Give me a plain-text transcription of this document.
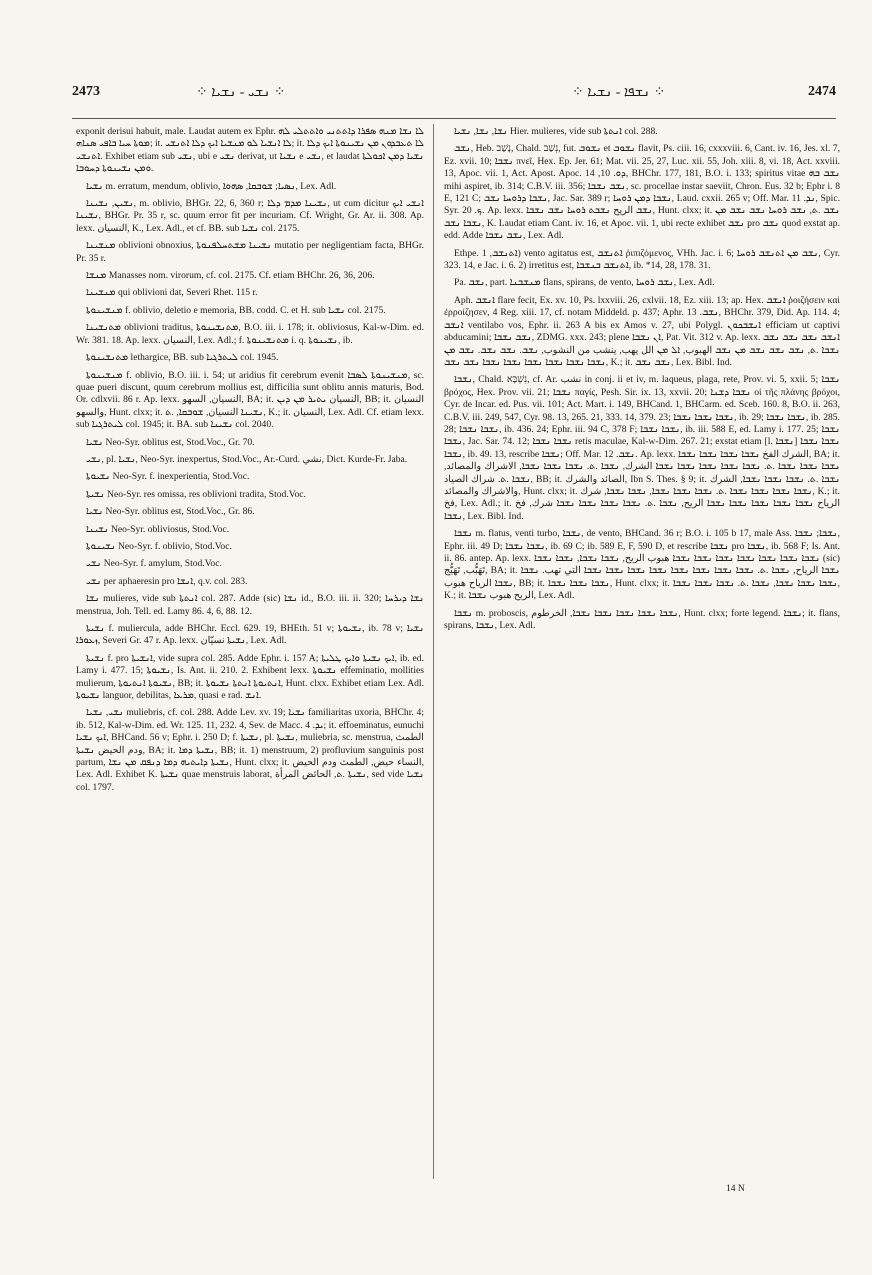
2473	⁘ ܢܫܝ - ܢܫܝܐ ⁘	⁘ ܢܫܦܐ - ܢܫܝܐ ⁘	2474

exponit derisui habuit, male. Laudat autem ex Ephr. ܠܐ ܢܫܐ ܡܢܗ ܣܦܪܐ ܕܐܬܬܢܝ ܘܐܬܬܠܝ ܠܗ ܡܘܬܐ ܚܝܐ ܒܐܦܝ ܣܢܐܗ; it. ܠܐ ܐܢܫܝܐ ܠܘ ܡܢܫܝܐ ܐܝܟ ܕܠܐ ܐܬܢܫܝ; it. ܠܐ ܬܥܒܕܘܢ ܡܢ ܢܫܝܢܘܬܐ ܐܝܟ ܕܠܐ ܐܬܢܫܝ. Exhibet etiam sub ܢܫܝ, ubi e ܢܫܝ derivat, ut ܢܫܝܐ e ܢܫܝ, et laudat ܢܫܝܐ ܕܡܢ ܐܟܘܠܬܐ ܘܡܢ ܢܫܝܢܘܬܐ ܕܚܘܒܐ.

ܢܫܝܐ m. erratum, mendum, oblivio, ܢܣܝܐ; ܫܘܒܩܐ, ܣܗܘܐ, Lex. Adl.

ܢܫܝܢ, ܢܫܝܢܐ, m. oblivio, BHGr. 22, 6, 360 r; ܢܫܝܢܐ ܡܕܡ ܕܠܐ, ut cum dicitur ܐܢܫܝ ܐܝܟ ܢܫܝܢܐ, BHGr. Pr. 35 r, sc. quum error fit per incuriam. Cf. Wright, Gr. Ar. ii. 308. Ap. lexx. النسيان, K., Lex. Adl., et cf. BB. sub ܢܫܝܐ col. 2175.

ܡܢܫܝܢܐ oblivioni obnoxius, ܢܫܝܢܐ ܡܫܬܚܠܦܢܘܬܐ mutatio per negligentiam facta, BHGr. Pr. 35 r.

ܡܢܫܐ Manasses nom. virorum, cf. col. 2175. Cf. etiam BHChr. 26, 36, 206.

ܡܢܫܝܢܐ qui oblivioni dat, Severi Rhet. 115 r.

ܡܢܫܝܢܘܬܐ f. oblivio, deletio e memoria, BB. codd. C. et H. sub ܢܫܝܐ col. 2175.

ܡܬܢܫܝܢܐ oblivioni traditus, ܡܬܢܫܝܢܘܬܐ, B.O. iii. i. 178; it. obliviosus, Kal-w-Dim. ed. Wr. 381. 18. Ap. lexx. النسيان, Lex. Adl.; f. ܡܬܢܫܝܢܘܬܐ i. q. ܢܫܝܢܘܬܐ, ib.

ܡܬܢܫܝܢܘܬܐ lethargice, BB. sub ܠܝܬܪܓܝܐ col. 1945.

ܡܢܫܝܢܘܬܐ f. oblivio, B.O. iii. i. 54; ut aridius fit cerebrum evenit ܡܢܫܝܢܘܬܐ ܠܣܒܐ, sc. quae pueri discunt, quum cerebrum mollius est, difficilia sunt oblitu annis maturis, Bod. Or. cdlxvii. 86 r. Ap. lexx. النسيان, السهو, BA; it. النسيان ܝܬܝܪ ܡܢ ܕܝܢ, BB; it. النسيان والسهو, Hunt. clxx; it. ܢܫܝܢܐ النسيان, ܫܘܒܩܐ, .ܬ, K.; it. النسيان, Lex. Adl. Cf. etiam lexx. sub ܠܝܬܪܓܝܐ col. 1945; it. BA. sub ܢܫܝܢܐ col. 2040.

ܢܫܝܐ Neo-Syr. oblitus est, Stod.Voc., Gr. 70.

ܢܫܝ, pl. ܢܫܝܐ, Neo-Syr. inexpertus, Stod.Voc., Ar.-Curd. نشي, Dict. Kurde-Fr. Jaba.

ܢܫܝܘܬܐ Neo-Syr. f. inexperientia, Stod.Voc.

ܢܫܝܬܐ Neo-Syr. res omissa, res oblivioni tradita, Stod.Voc.

ܢܫܝܐ Neo-Syr. oblitus est, Stod.Voc., Gr. 86.

ܢܫܝܢܐ Neo-Syr. obliviosus, Stod.Voc.

ܢܫܝܢܘܬܐ Neo-Syr. f. oblivio, Stod.Voc.

ܢܫܝ Neo-Syr. f. amylum, Stod.Voc.

ܢܫܝ per aphaeresin pro ܐܢܫܐ, q.v. col. 283.

ܢܫܐ mulieres, vide sub ܐܢܬܬܐ col. 287. Adde (sic) ܢܫܐ id., B.O. iii. ii. 320; ܢܫܐ ܕܝܪܚܐ menstrua, Joh. Tell. ed. Lamy 86. 4, 6, 88. 12.

ܢܫܝܬܐ f. muliercula, adde BHChr. Eccl. 629. 19, BHEth. 51 v; ܢܫܝܘܬܐ, ib. 78 v; ܢܫܝܐ ܙܥܘܪܐ, Severi Gr. 47 r. Ap. lexx. ܢܫܝܬܐ نسيّان, Lex. Adl.

ܢܫܝܬܐ f. pro ܐܢܫܝܬܐ, vide supra col. 285. Adde Ephr. i. 157 A; ܐܝܟ ܢܫܝܬܐ ܘܐܝܟ ܛܠܝܬܐ, ib. ed. Lamy i. 477. 15; ܢܫܝܘܬܐ, Is. Ant. ii. 210. 2. Exhibent lexx. ܢܫܝܘܬܐ effeminatio, mollities mulierum, ܢܫܝܘܬܐ ܐܢܬܝܘܬܐ, BB; it. ܐܢܬܝܘܬܐ ܐܢܬܬܐ ܢܫܝܘܬܐ, Hunt. clxx. Exhibet etiam Lex. Adl. ܢܫܝܘܬܐ languor, debilitas, ܡܪܥܐ, quasi e rad. ܐܢܫ.

ܢܫܝ, ܢܫܝܐ muliebris, cf. col. 288. Adde Lev. xv. 19; ܢܫܝܐ familiaritas uxoria, BHChr. 4; ib. 512, Kal-w-Dim. ed. Wr. 125. 11, 232. 4, Sev. de Macc. ܝܕ. 4; it. effoeminatus, eunuchi ܐܝܟ ܢܫܝܐ, BHCand. 56 v; Ephr. i. 250 D; f. ܢܫܝܬܐ, pl. ܢܫܝܬܐ, muliebria, sc. menstrua, الطمث ودم الحيض ܢܫܝܬܐ, BA; it. ܢܫܝܬܐ ܕܡܐ, BB; it. 1) menstruum, 2) profluvium sanguinis post partum, ܢܫܝܬܐ ܕܐܝܬܝܗ ܕܡܐ ܕܢܦܩ ܡܢ ܢܫܐ, Hunt. clxx; it. النساء حيض, الطمث ودم الحيض, Lex. Adl. Exhibet K. ܢܫܝܬܐ quae menstruis laborat, ܢܫܝܬܐ .ܬ, الحائض المرأة, sed vide ܢܫܝܐ col. 1797.

ܢܫܐ, ܢܫܐ, ܢܫܝܐ Hier. mulieres, vide sub ܐܢܬܬܐ col. 288.

ܢܫܒ, Heb. נָשַׁב, Chald. נְשַׁב, fut. ܢܫܘܒ et ܢܫܘܒ flavit, Ps. ciii. 16, cxxxviii. 6, Cant. iv. 16, Jes. xl. 7, Ez. xvii. 10; ܢܫܒܐ πνεῖ, Hex. Ep. Jer. 61; Mat. vii. 25, 27, Luc. xii. 55, Joh. xiii. 8, vi. 18, Act. xxviii. 13, Apoc. vii. 1, Act. Apost. Apoc. ܕܘ. 10, 14, BHChr. 177, 181, B.O. i. 133; spiritus vitae ܢܫܒ ܒܗ mihi aspiret, ib. 314; C.B.V. iii. 356; ܢܫܒ ܢܫܒܐ, sc. procellae instar saeviit, Chron. Eus. 32 b; Ephr i. 8 E, 121 C; ܢܫܒܐ ܕܪܘܚܐ ܢܫܒ, Jac. Sar. 389 r; ܢܫܒܐ ܕܡܢ ܪܘܚܐ, Laud. cxxii. 265 v; Off. Mar. ܢܕ. 11, Spic. Syr. ܟ. 20. Ap. lexx. ܢܫܒ الريح ܢܫܒܬ ܪܘܚܐ ܢܫܒ ܢܫܒܐ, Hunt. clxx; it. ܢܫܒ .ܬ, ܢܫܒ ܪܘܚܐ ܢܫܒ ܢܫܒ ܡܢ ܢܫܒܐ ܢܫܒ, K. Laudat etiam Cant. iv. 16, et Apoc. vii. 1, ubi recte exhibet ܢܫܒ pro ܢܫܒ quod exstat ap. edd. Adde ܢܫܒ ܢܫܒܐ, Lex. Adl.

Ethpe. ܐܬܢܫܒ, 1) vento agitatus est, ܐܬܢܫܒ ῥιπιζόμενος, VHh. Jac. i. 6; ܢܫܒ ܡܢ ܐܬܢܫܒ ܪܘܚܐ, Cyr. 323. 14, e Jac. i. 6. 2) irretitus est, ܐܬܢܫܒ ܒܢܫܒܐ, ib. *14, 28, 178. 31.

Pa. ܢܫܒ, part. ܡܢܫܒܢܐ flans, spirans, de vento, ܢܫܒ ܪܘܚܐ, Lex. Adl.

Aph. ܐܢܫܒ flare fecit, Ex. xv. 10, Ps. lxxviii. 26, cxlvii. 18, Ez. xiii. 13; ap. Hex. ܐܢܫܒ ῥοιζήσειν καὶ ἐρροίζησεν, 4 Reg. xiii. 17, cf. notam Middeld. p. 437; Aphr. ܢܫܒ. 13, BHChr. 379, Did. Ap. 114. 4; ܐܢܫܒ ventilabo vos, Ephr. ii. 263 A bis ex Amos v. 27, ubi Polygl. ܐܢܫܒܟܘܢ efficiam ut captivi abducamini; ܢܫܒ ܢܫܒܐ, ZDMG. xxx. 243; plene ܐܢ ܢܫܒܐ, Pat. Vit. 312 v. Ap. lexx. ܐܢܫܒ ܢܫܒ ܢܫܒ ܢܫܒ ܢܫܒܐ .ܬ, ܢܫܒ ܢܫܒ ܢܫܒ ܡܢ ܢܫܒ الهبوب, ܐܠ ܡܢ الل يهب, ينشب من النشوب, ܢܫܒ. ܢܫܒ ܢܫܒ. ܢܫܒ ܡܢ ܢܫܒܐ ܢܫܒܐ ܢܫܒܐ ܢܫܒܐ ܢܫܒܐ ܢܫܒܐ ܢܫܒ ܢܫܒ, K.; it. ܢܫܒ ܢܫܒ, Lex. Bibl. Ind.

ܢܫܒܐ, Chald. נִשְׁבָּא, cf. Ar. نشب in conj. ii et iv, m. laqueus, plaga, rete, Prov. vi. 5, xxii. 5; ܢܫܒܐ βρόχος, Hex. Prov. vii. 21; ܢܫܒܐ παγίς, Pesh. Sir. ix. 13, xxvii. 20; ܢܫܒܐ ܕܫܢܐ οἱ τῆς πλάνης βρόχοι, Cyr. de Incar. ed. Pus. vii. 101; Act. Mart. i. 149, BHCand. 1, BHCarm. ed. Sceb. 160. 8, B.O. ii. 263, C.B.V. iii. 249, 547, Cyr. 98. 13, 265. 21, 333. 14, 379. 23; ܢܫܒܐ ܢܫܒܐ ܢܫܒܐ, ib. 29; ܢܫܒܐ ܢܫܒܐ, ib. 285. 28; ܢܫܒܐ ܢܫܒܐ, ib. 436. 24; Ephr. iii. 94 C, 378 F; ܢܫܒܐ ܢܫܒܐ, ib. iii. 588 E, ed. Lamy i. 177. 25; ܢܫܒܐ ܢܫܒܐ, Jac. Sar. 74. 12; ܢܫܒܐ ܢܫܒܐ retis maculae, Kal-w-Dim. 267. 21; exstat etiam [l. ܢܫܒܐ] ܢܫܒܐ ܢܫܒܐ ܢܫܒܐ, ib. 49. 13, rescribe ܢܫܒܐ; Off. Mar. ܢܫܒ. 12. Ap. lexx. الشرك الفخ ܢܫܒܐ ܢܫܒܐ ܢܫܒܐ ܢܫܒܐ, BA; it. ܢܫܒܐ ܢܫܒܐ ܢܫܒܐ .ܬ. ܢܫܒܐ ܢܫܒܐ ܢܫܒܐ ܢܫܒܐ ܢܫܒܐ الشرك, ܢܫܒܐ .ܬ. ܢܫܒܐ ܢܫܒܐ ܢܫܒܐ, الاشراك والمصائد, ܢܫܒܐ .ܬ. شراك الصياد, BB; it. الصائد والشرك, Ibn S. Thes. § 9; it. ܢܫܒܐ .ܬ. ܢܫܒܐ ܢܫܒܐ ܢܫܒܐ, الشرك والاشراك والمصائد, Hunt. clxx; it. ܢܫܒܐ ܢܫܒܐ ܢܫܒܐ ܢܫܒܐ .ܬ. ܢܫܒܐ ܢܫܒܐ ܢܫܒܐ, ܢܫܒܐ ܢܫܒܐ, شرك, K.; it. فخ, Lex. Adl.; it. الرياح ܢܫܒܐ ܢܫܒܐ ܢܫܒܐ ܢܫܒܐ ܢܫܒܐ الريح, ܢܫܒܐ .ܬ. ܢܫܒܐ ܢܫܒܐ ܢܫܒܐ ܢܫܒܐ شرك, فخ ܢܫܒܐ, Lex. Bibl. Ind.

ܢܫܒܐ m. flatus, venti turbo, ܢܫܒܐ, de vento, BHCand. 36 r; B.O. i. 105 b 17, male Ass. ܢܫܒܐ; ܢܫܒܐ, Ephr. iii. 49 D; ܢܫܒܐ ܢܫܒܐ, ib. 69 C; ib. 589 E, F, 590 D, et rescribe ܢܫܒܐ pro ܢܫܒܐ, ib. 568 F; Is. Ant. ii. 86. antep. Ap. lexx. ܢܫܒܐ ܢܫܒܐ ܢܫܒܐ ܢܫܒܐ ܢܫܒܐ ܢܫܒܐ ܢܫܒܐ هبوب الريح, ܢܫܒܐ ܢܫܒܐ, ܢܫܒܐ ܢܫܒܐ (sic) تَهَبُّب, تَهَيُّج, BA; it. ܢܫܒܐ الرياح, ܢܫܒܐ .ܬ. ܢܫܒܐ ܢܫܒܐ ܢܫܒܐ ܢܫܒܐ ܢܫܒܐ ܢܫܒܐ ܢܫܒܐ ܢܫܒܐ التي تهب. ܢܫܒܐ ܢܫܒܐ الرياح هبوب, BB; it. ܢܫܒܐ ܢܫܒܐ ܢܫܒܐ, Hunt. clxx; it. ܢܫܒܐ ܢܫܒܐ ܢܫܒܐ, ܢܫܒܐ .ܬ. ܢܫܒܐ ܢܫܒܐ ܢܫܒܐ, K.; it. الريح هبوب ܢܫܒܐ, Lex. Adl.

ܢܫܒܐ m. proboscis, ܢܫܒܐ ܢܫܒܐ ܢܫܒܐ ܢܫܒܐ ܢܫܒܐ, الخرطوم, Hunt. clxx; forte legend. ܢܫܒܐ; it. flans, spirans, ܢܫܒܐ, Lex. Adl.

14 N
